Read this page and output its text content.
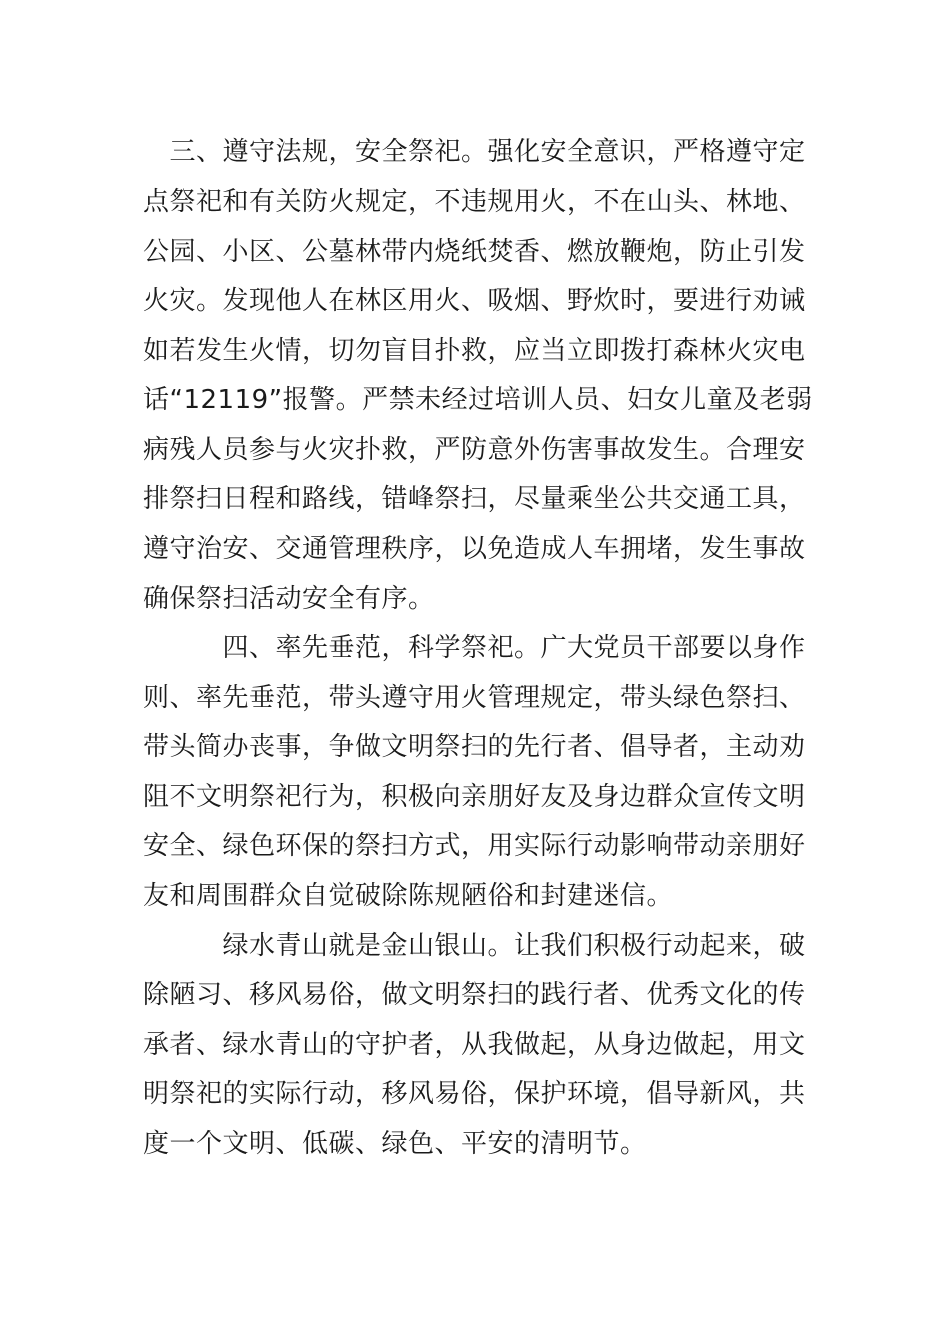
　三、遵守法规，安全祭祀。强化安全意识，严格遵守定
点祭祀和有关防火规定，不违规用火，不在山头、林地、
公园、小区、公墓林带内烧纸焚香、燃放鞭炮，防止引发
火灾。发现他人在林区用火、吸烟、野炊时，要进行劝诫
如若发生火情，切勿盲目扑救，应当立即拨打森林火灾电
话“12119”报警。严禁未经过培训人员、妇女儿童及老弱
病残人员参与火灾扑救，严防意外伤害事故发生。合理安
排祭扫日程和路线，错峰祭扫，尽量乘坐公共交通工具，
遵守治安、交通管理秩序，以免造成人车拥堵，发生事故
确保祭扫活动安全有序。
　　　四、率先垂范，科学祭祀。广大党员干部要以身作
则、率先垂范，带头遵守用火管理规定，带头绿色祭扫、
带头简办丧事，争做文明祭扫的先行者、倡导者，主动劝
阻不文明祭祀行为，积极向亲朋好友及身边群众宣传文明
安全、绿色环保的祭扫方式，用实际行动影响带动亲朋好
友和周围群众自觉破除陈规陋俗和封建迷信。
　　　绿水青山就是金山银山。让我们积极行动起来，破
除陋习、移风易俗，做文明祭扫的践行者、优秀文化的传
承者、绿水青山的守护者，从我做起，从身边做起，用文
明祭祀的实际行动，移风易俗，保护环境，倡导新风，共
度一个文明、低碳、绿色、平安的清明节。
